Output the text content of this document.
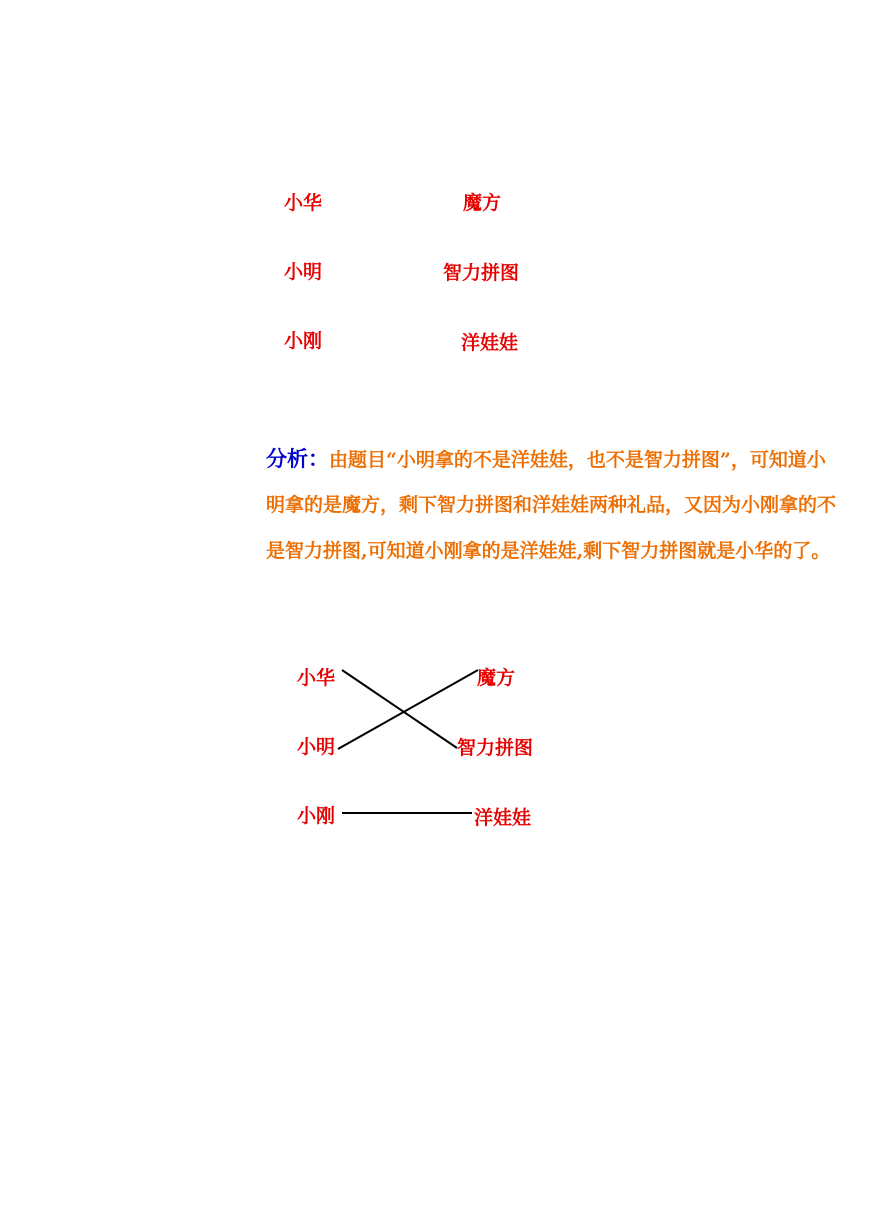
小华
小明
小刚
魔方
智力拼图
洋娃娃
分析：由题目“小明拿的不是洋娃娃，也不是智力拼图”，可知道小
明拿的是魔方，剩下智力拼图和洋娃娃两种礼品，又因为小刚拿的不
是智力拼图,可知道小刚拿的是洋娃娃,剩下智力拼图就是小华的了。
小华
小明
小刚
魔方
智力拼图
洋娃娃
